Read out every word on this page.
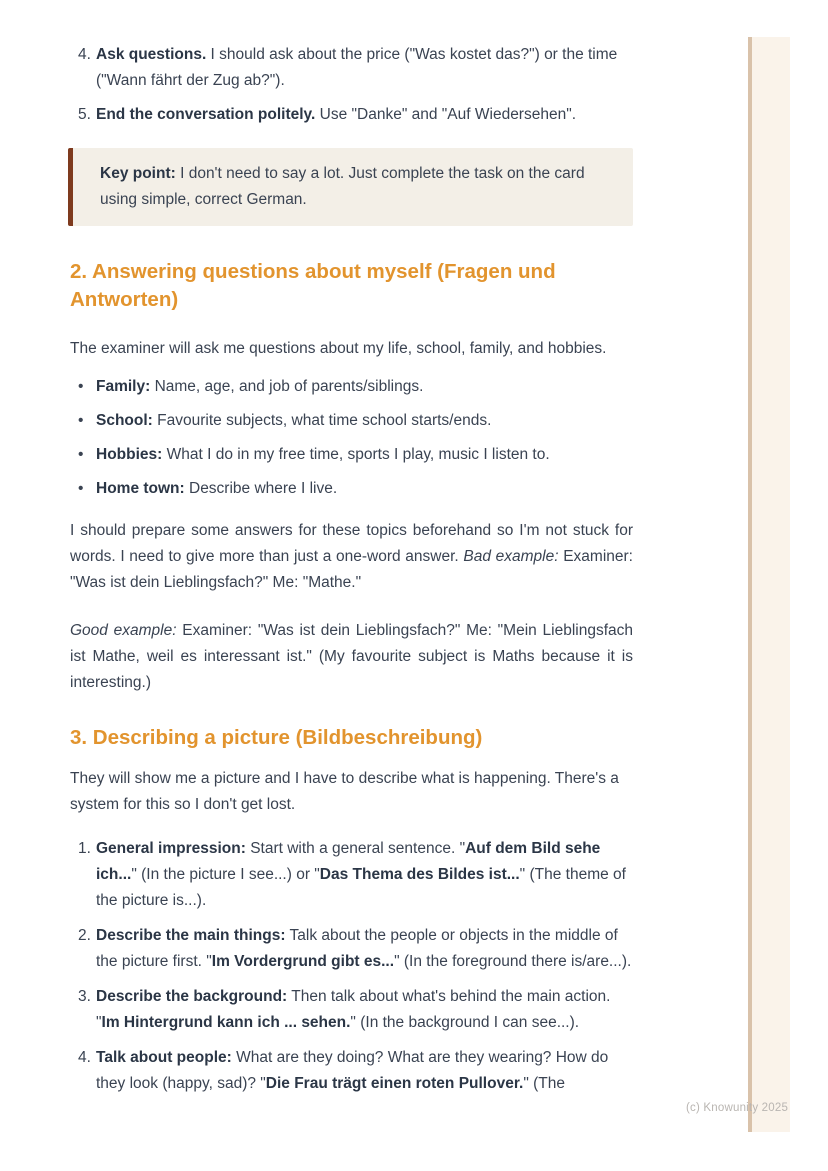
(c) Knowunity 2025
4. Ask questions. I should ask about the price ("Was kostet das?") or the time ("Wann fährt der Zug ab?").
5. End the conversation politely. Use "Danke" and "Auf Wiedersehen".

Key point: I don't need to say a lot. Just complete the task on the card using simple, correct German.

2. Answering questions about myself (Fragen und Antworten)

The examiner will ask me questions about my life, school, family, and hobbies.

• Family: Name, age, and job of parents/siblings.
• School: Favourite subjects, what time school starts/ends.
• Hobbies: What I do in my free time, sports I play, music I listen to.
• Home town: Describe where I live.

I should prepare some answers for these topics beforehand so I'm not stuck for words. I need to give more than just a one-word answer. Bad example: Examiner: "Was ist dein Lieblingsfach?" Me: "Mathe."

Good example: Examiner: "Was ist dein Lieblingsfach?" Me: "Mein Lieblingsfach ist Mathe, weil es interessant ist." (My favourite subject is Maths because it is interesting.)

3. Describing a picture (Bildbeschreibung)

They will show me a picture and I have to describe what is happening. There's a system for this so I don't get lost.

1. General impression: Start with a general sentence. "Auf dem Bild sehe ich..." (In the picture I see...) or "Das Thema des Bildes ist..." (The theme of the picture is...).
2. Describe the main things: Talk about the people or objects in the middle of the picture first. "Im Vordergrund gibt es..." (In the foreground there is/are...).
3. Describe the background: Then talk about what's behind the main action. "Im Hintergrund kann ich ... sehen." (In the background I can see...).
4. Talk about people: What are they doing? What are they wearing? How do they look (happy, sad)? "Die Frau trägt einen roten Pullover." (The
